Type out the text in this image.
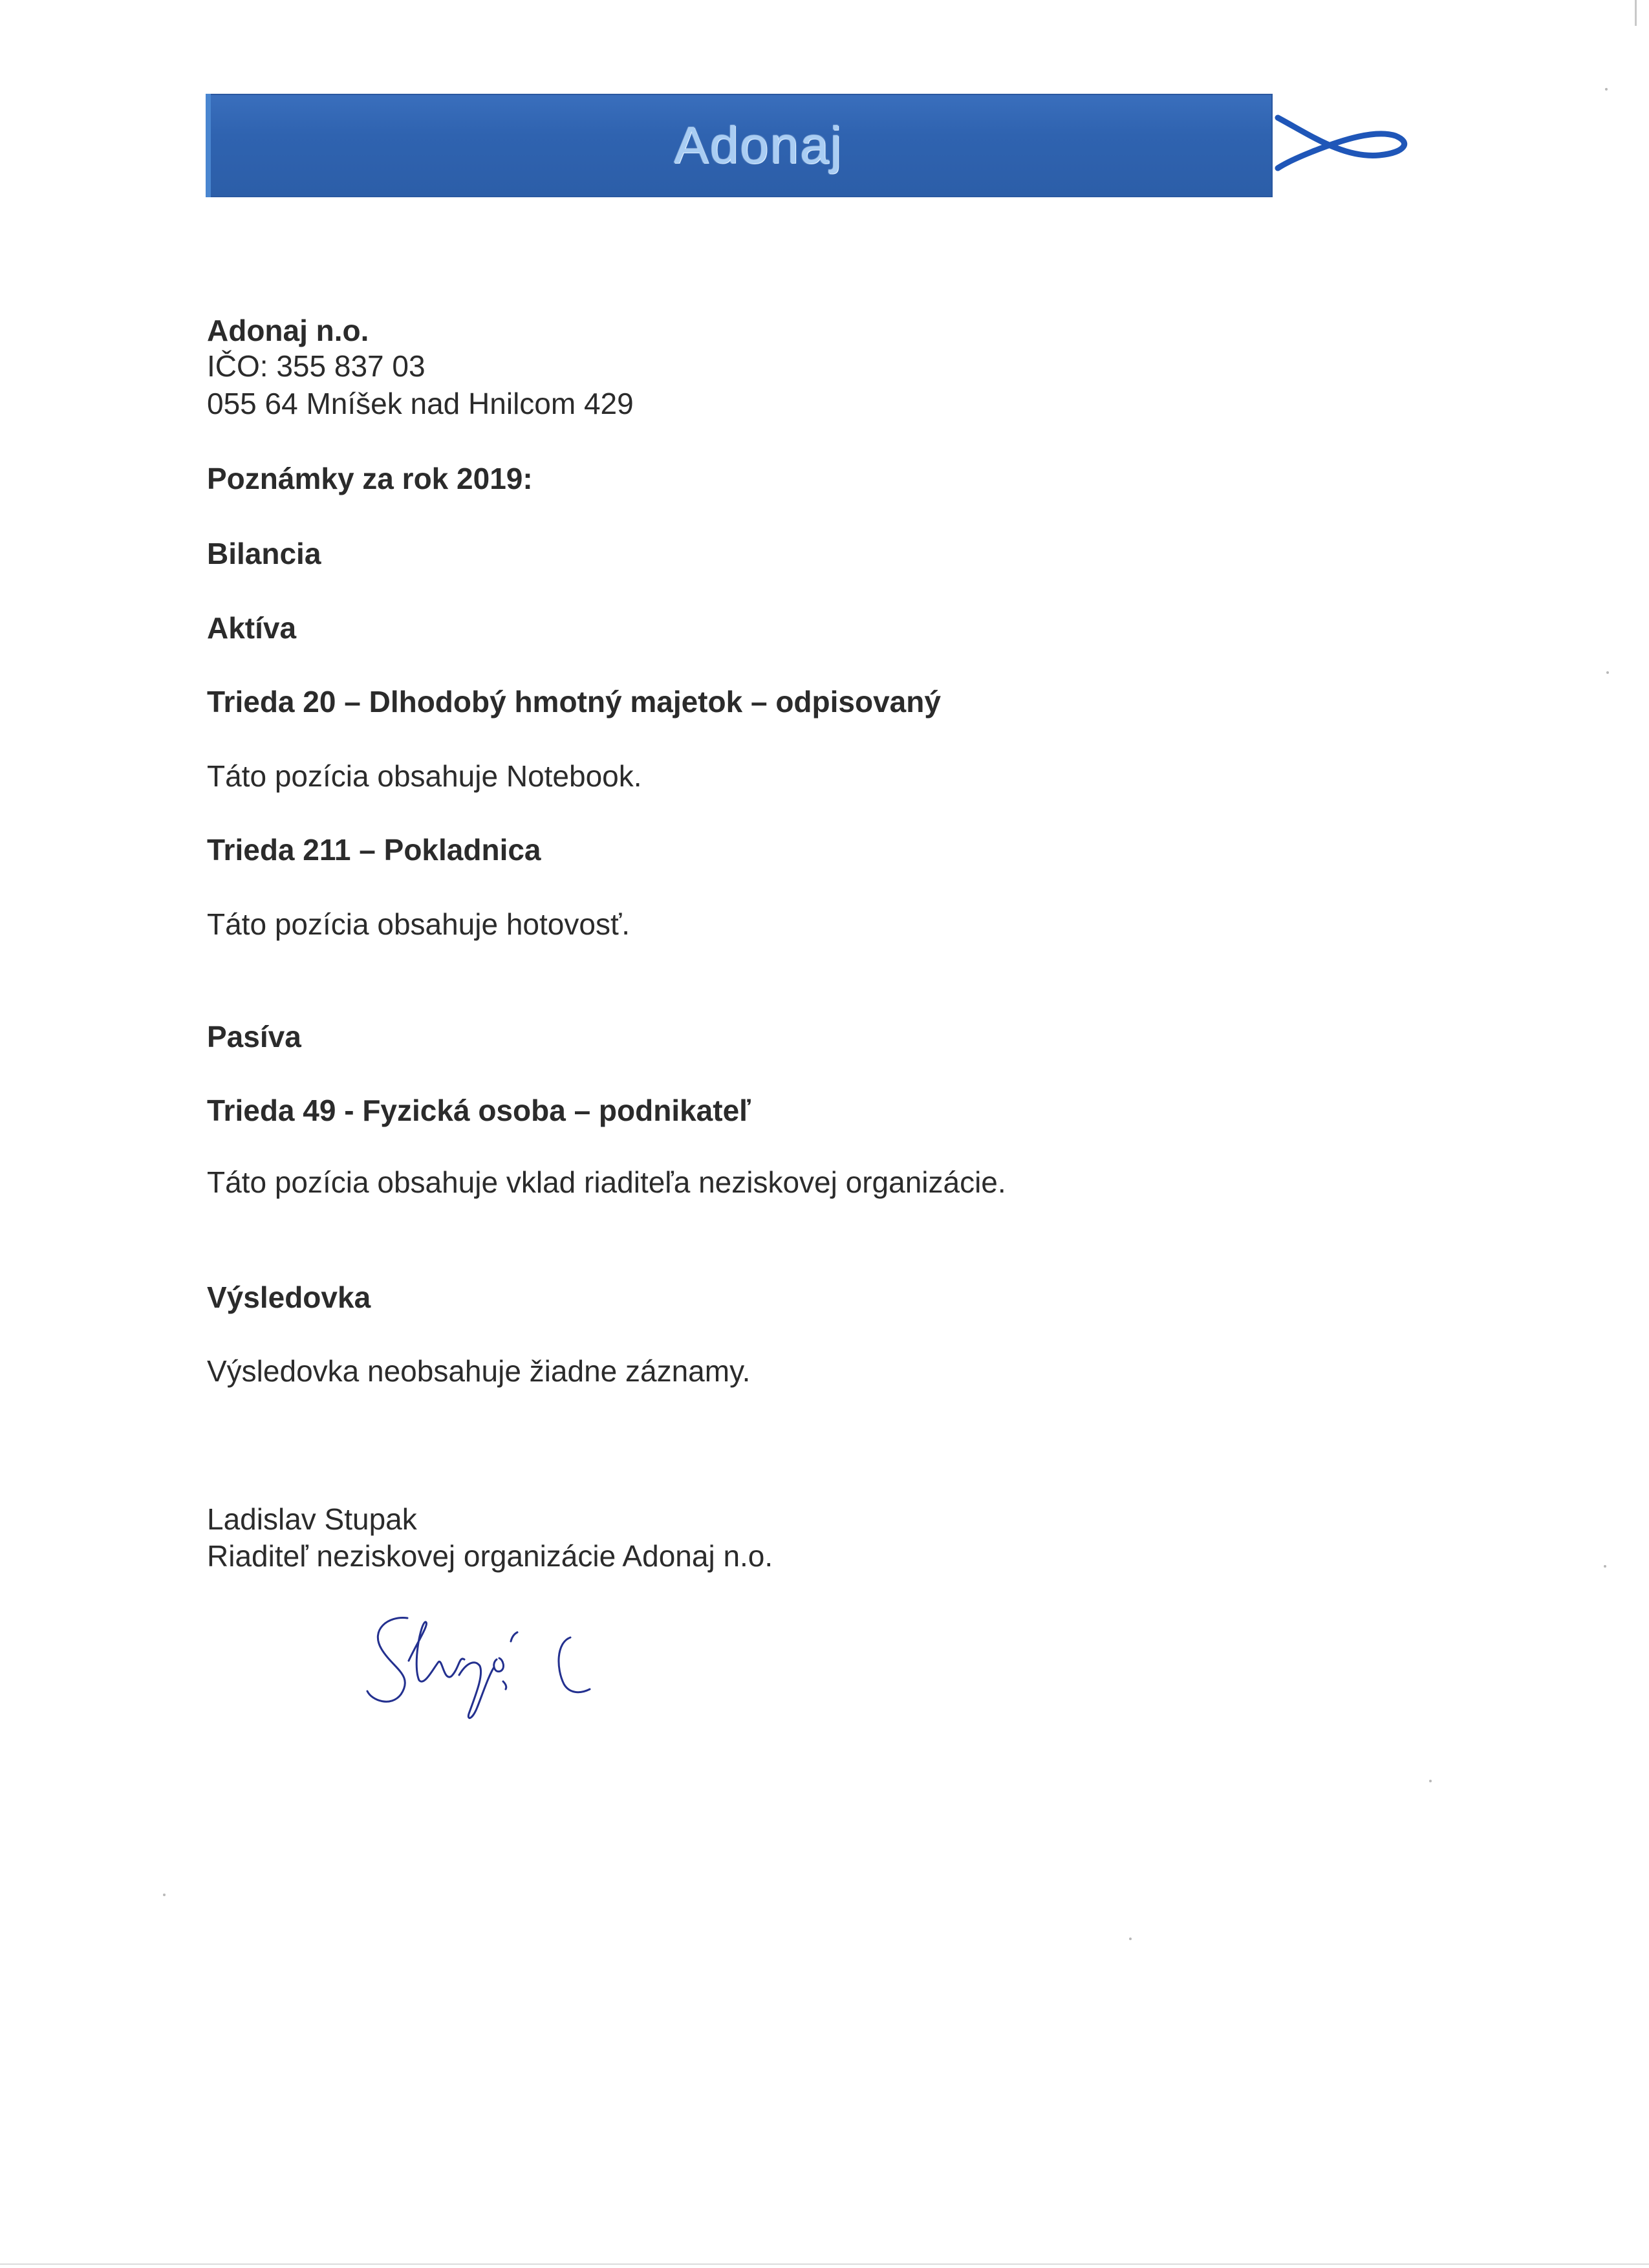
Adonaj
Adonaj n.o.
IČO: 355 837 03
055 64 Mníšek nad Hnilcom 429
Poznámky za rok 2019:
Bilancia
Aktíva
Trieda 20 – Dlhodobý hmotný majetok – odpisovaný
Táto pozícia obsahuje Notebook.
Trieda 211 – Pokladnica
Táto pozícia obsahuje hotovosť.
Pasíva
Trieda 49 - Fyzická osoba – podnikateľ
Táto pozícia obsahuje vklad riaditeľa neziskovej organizácie.
Výsledovka
Výsledovka neobsahuje žiadne záznamy.
Ladislav Stupak
Riaditeľ neziskovej organizácie Adonaj n.o.
